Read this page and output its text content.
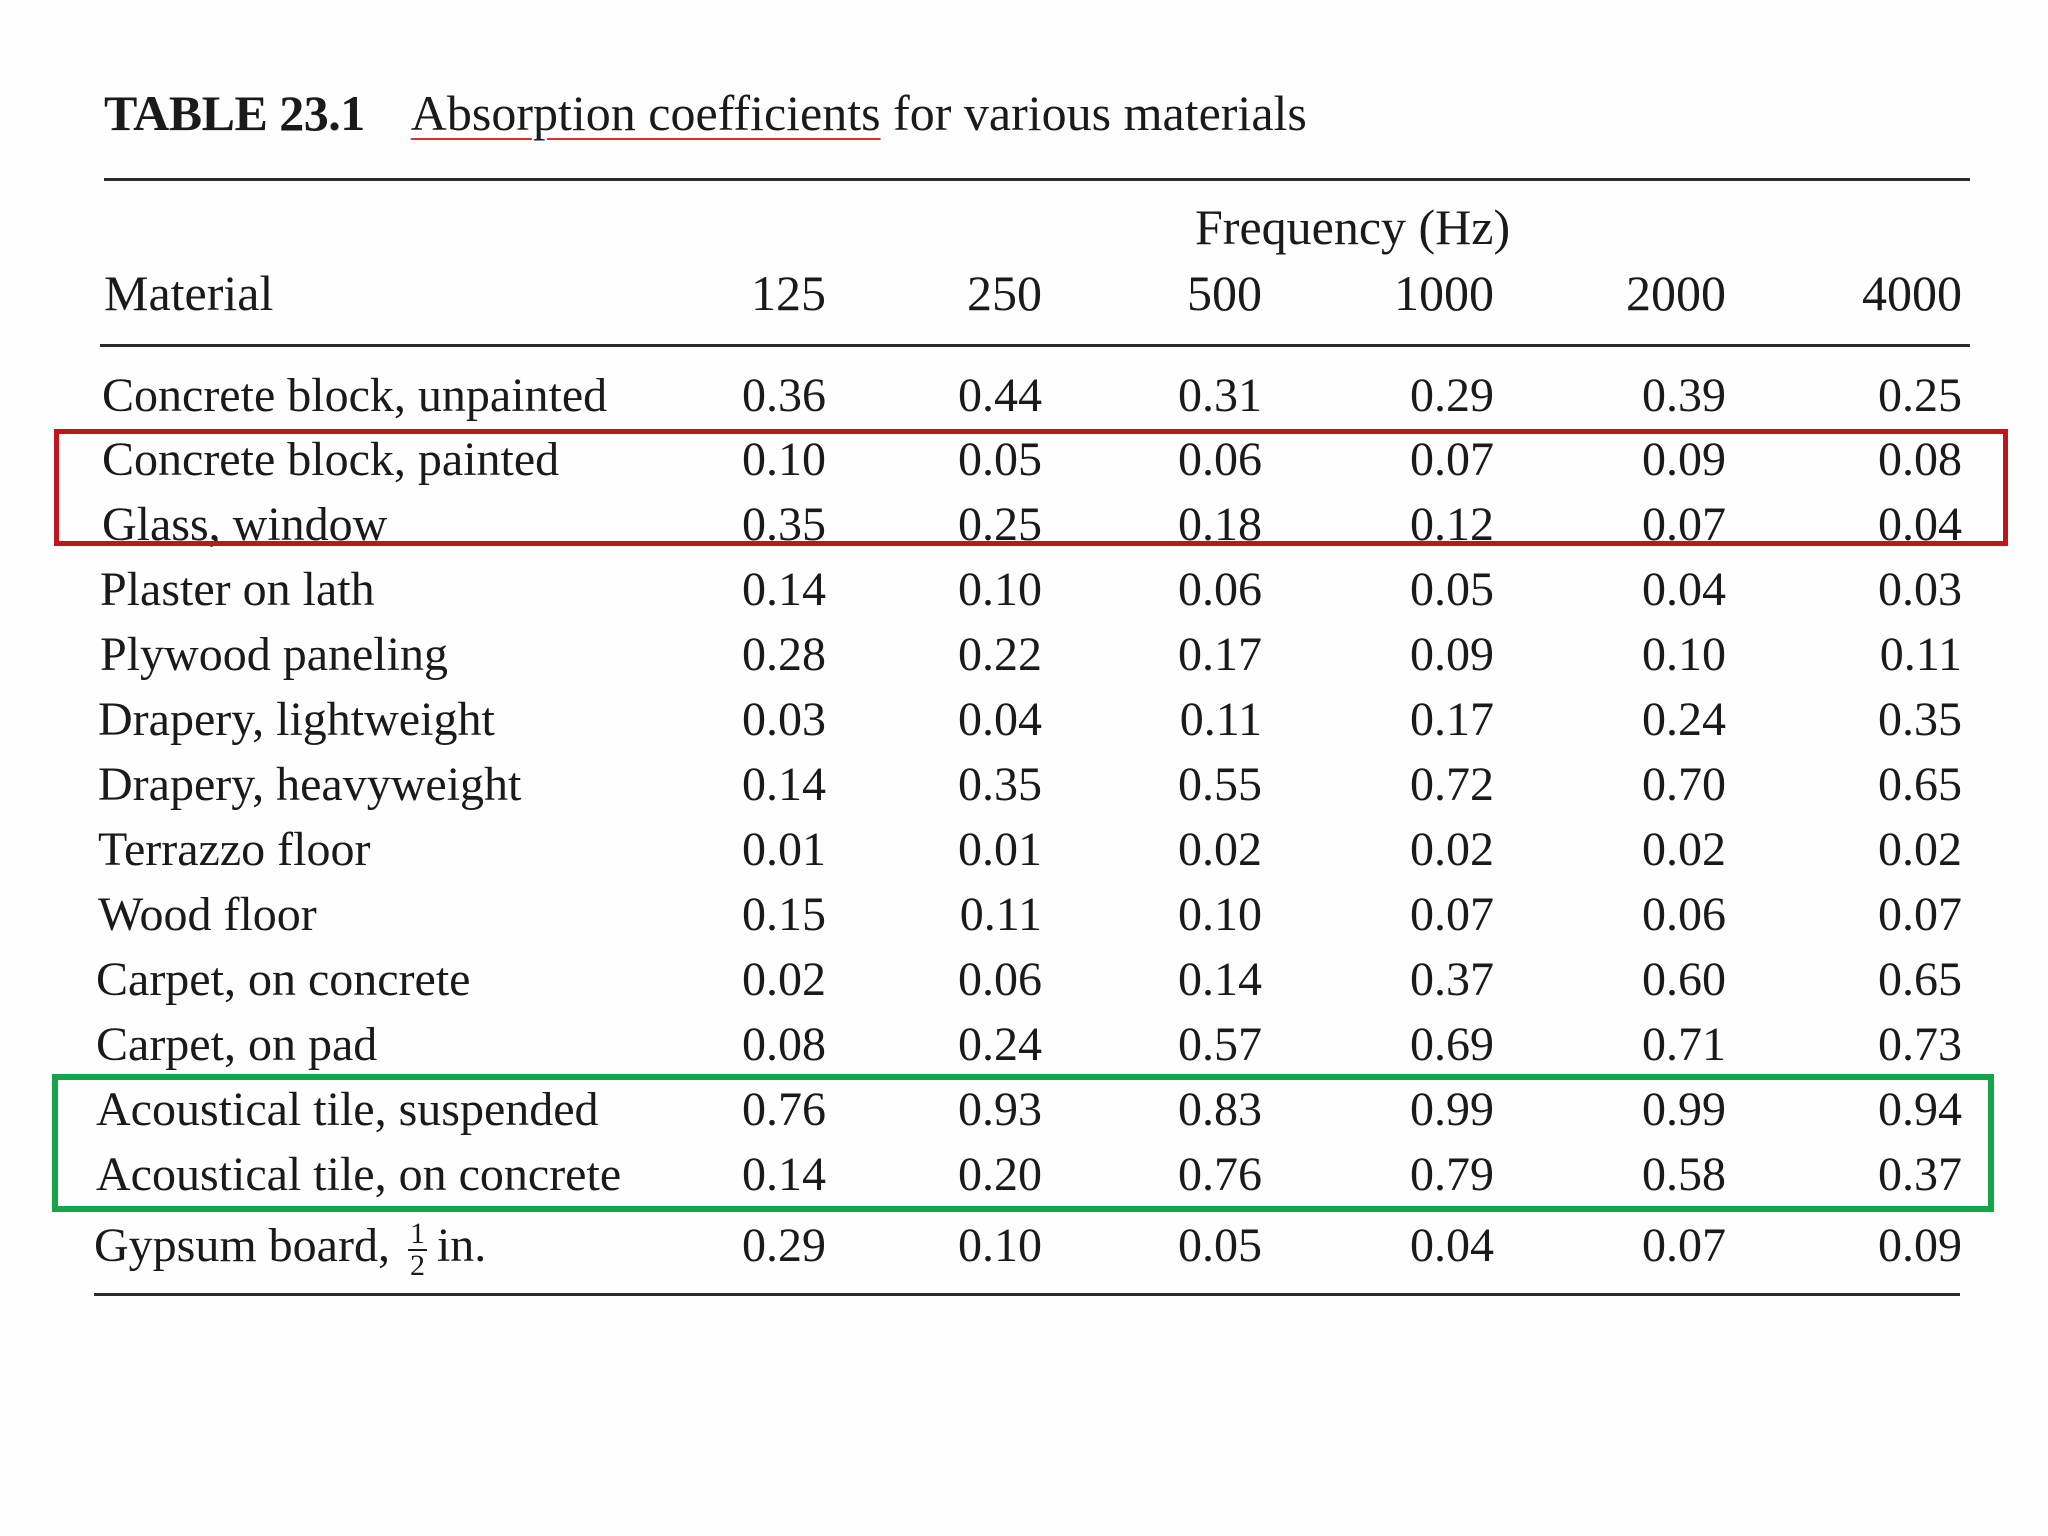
TABLE 23.1 Absorption coefficients for various materials
Frequency (Hz)
Material	125	250	500	1000	2000	4000
Concrete block, unpainted	0.36	0.44	0.31	0.29	0.39	0.25
Concrete block, painted	0.10	0.05	0.06	0.07	0.09	0.08
Glass, window	0.35	0.25	0.18	0.12	0.07	0.04
Plaster on lath	0.14	0.10	0.06	0.05	0.04	0.03
Plywood paneling	0.28	0.22	0.17	0.09	0.10	0.11
Drapery, lightweight	0.03	0.04	0.11	0.17	0.24	0.35
Drapery, heavyweight	0.14	0.35	0.55	0.72	0.70	0.65
Terrazzo floor	0.01	0.01	0.02	0.02	0.02	0.02
Wood floor	0.15	0.11	0.10	0.07	0.06	0.07
Carpet, on concrete	0.02	0.06	0.14	0.37	0.60	0.65
Carpet, on pad	0.08	0.24	0.57	0.69	0.71	0.73
Acoustical tile, suspended	0.76	0.93	0.83	0.99	0.99	0.94
Acoustical tile, on concrete	0.14	0.20	0.76	0.79	0.58	0.37
Gypsum board, $\frac{1}{2}$ in.	0.29	0.10	0.05	0.04	0.07	0.09
